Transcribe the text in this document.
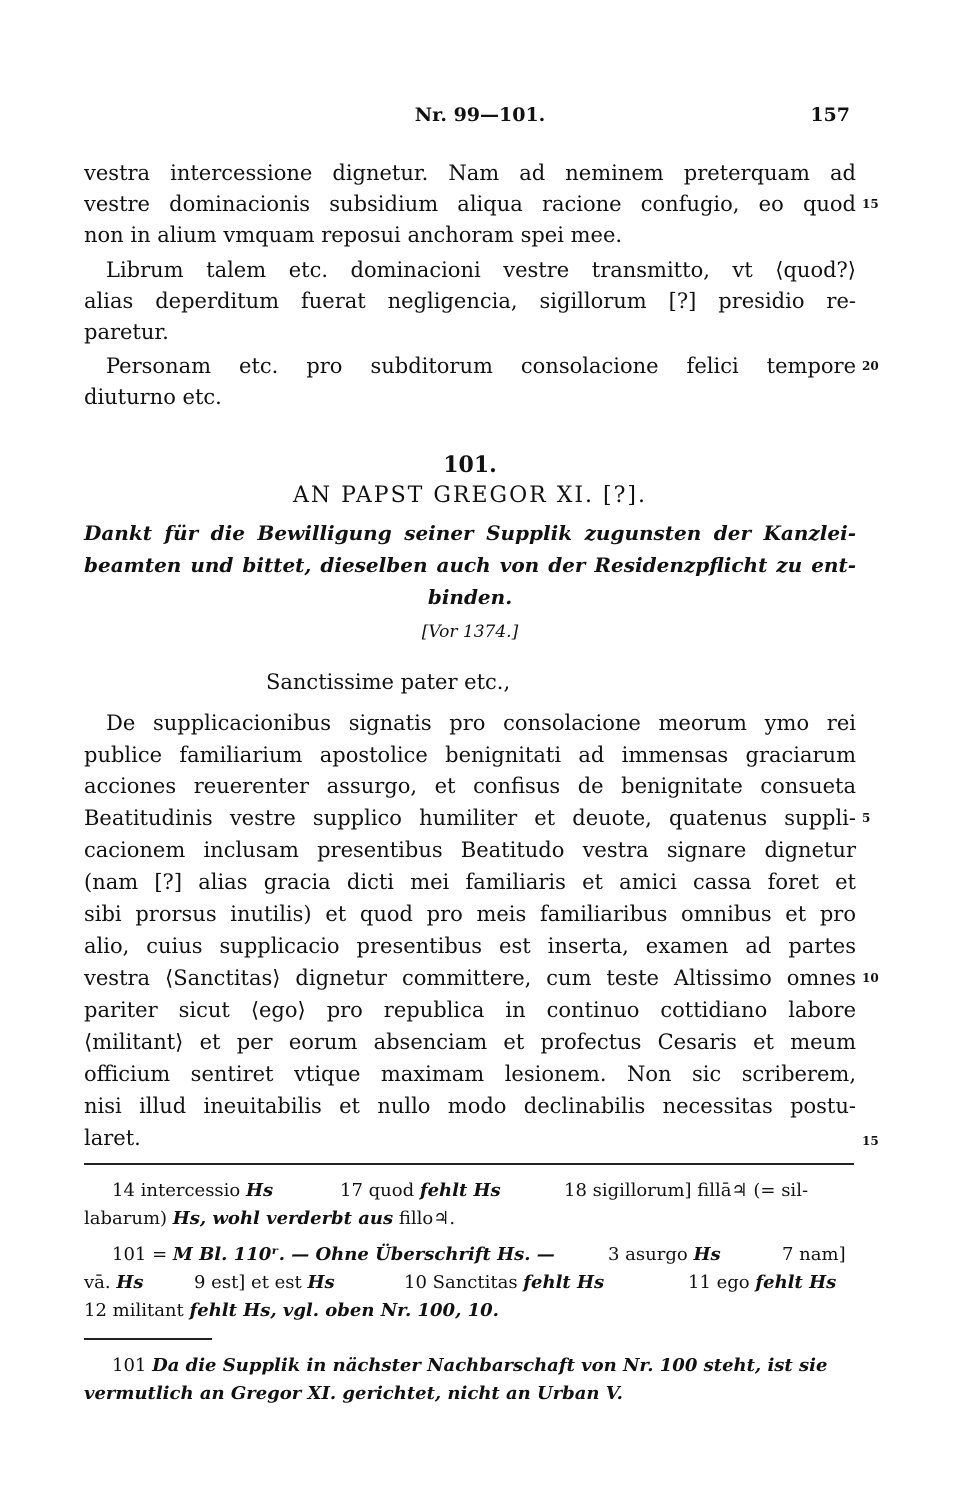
Nr. 99—101.	157
vestra intercessione dignetur. Nam ad neminem preterquam ad
vestre dominacionis subsidium aliqua racione confugio, eo quod 15
non in alium vmquam reposui anchoram spei mee.
Librum talem etc. dominacioni vestre transmitto, vt ⟨quod?⟩
alias deperditum fuerat negligencia, sigillorum [?] presidio re-
paretur.
Personam etc. pro subditorum consolacione felici tempore 20
diuturno etc.
101.
AN PAPST GREGOR XI. [?].
Dankt für die Bewilligung seiner Supplik zugunsten der Kanzlei-
beamten und bittet, dieselben auch von der Residenzpflicht zu ent-
binden.
[Vor 1374.]
Sanctissime pater etc.,
De supplicacionibus signatis pro consolacione meorum ymo rei
publice familiarium apostolice benignitati ad immensas graciarum
acciones reuerenter assurgo, et confisus de benignitate consueta
Beatitudinis vestre supplico humiliter et deuote, quatenus suppli- 5
cacionem inclusam presentibus Beatitudo vestra signare dignetur
(nam [?] alias gracia dicti mei familiaris et amici cassa foret et
sibi prorsus inutilis) et quod pro meis familiaribus omnibus et pro
alio, cuius supplicacio presentibus est inserta, examen ad partes
vestra ⟨Sanctitas⟩ dignetur committere, cum teste Altissimo omnes 10
pariter sicut ⟨ego⟩ pro republica in continuo cottidiano labore
⟨militant⟩ et per eorum absenciam et profectus Cesaris et meum
officium sentiret vtique maximam lesionem. Non sic scriberem,
nisi illud ineuitabilis et nullo modo declinabilis necessitas postu-
laret.	15
14 intercessio Hs	17 quod fehlt Hs	18 sigillorum] fillā♃ (= sil-
labarum) Hs, wohl verderbt aus fillo♃.
101 = M Bl. 110ʳ. — Ohne Überschrift Hs. —	3 asurgo Hs	7 nam]
vā. Hs	9 est] et est Hs	10 Sanctitas fehlt Hs	11 ego fehlt Hs
12 militant fehlt Hs, vgl. oben Nr. 100, 10.
101 Da die Supplik in nächster Nachbarschaft von Nr. 100 steht, ist sie
vermutlich an Gregor XI. gerichtet, nicht an Urban V.
